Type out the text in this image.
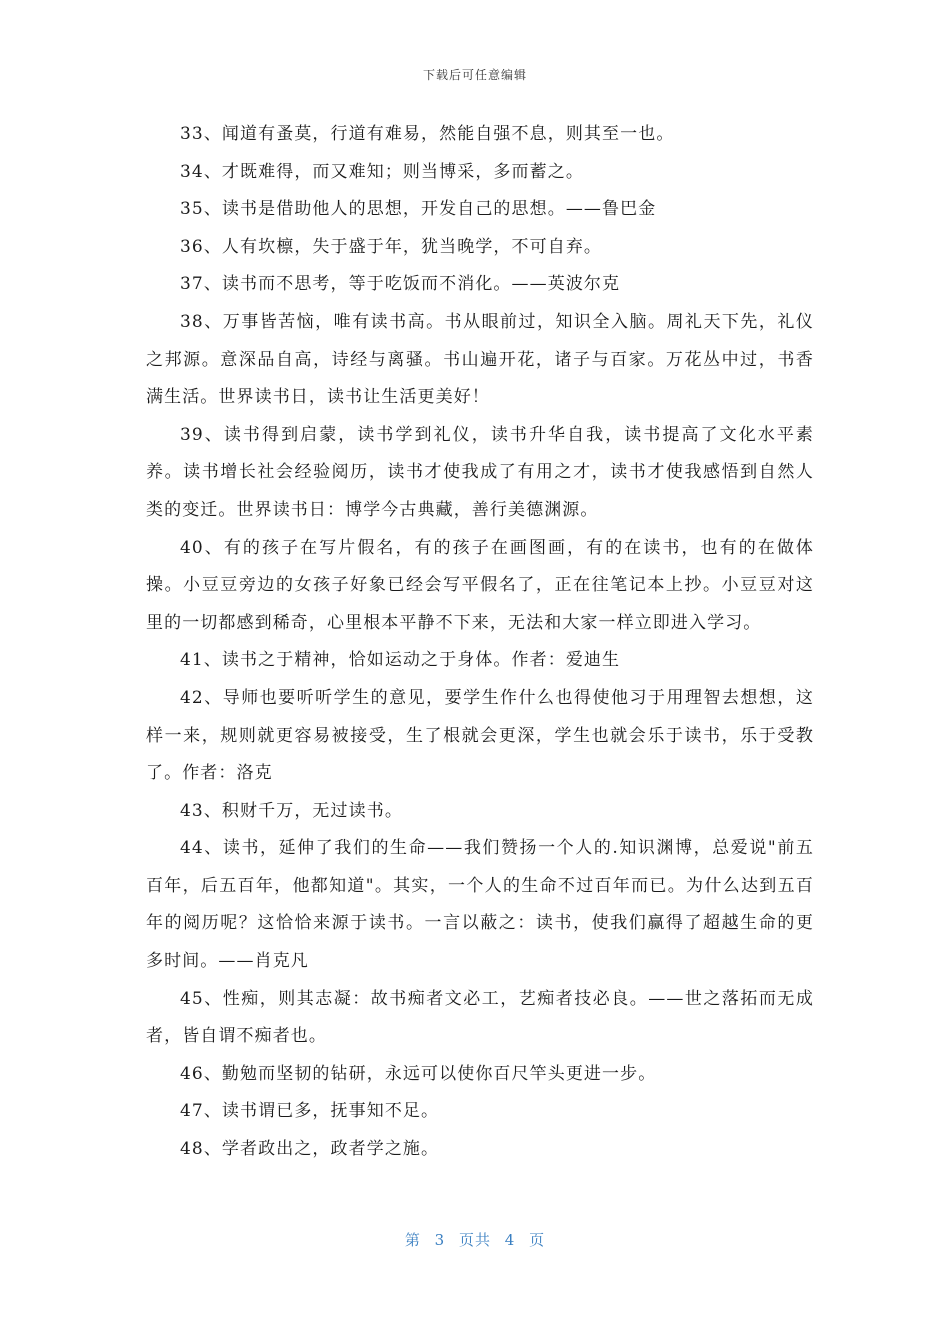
下载后可任意编辑

33、闻道有蚤莫，行道有难易，然能自强不息，则其至一也。

34、才既难得，而又难知；则当博采，多而蓄之。

35、读书是借助他人的思想，开发自己的思想。——鲁巴金

36、人有坎檩，失于盛于年，犹当晚学，不可自弃。

37、读书而不思考，等于吃饭而不消化。——英波尔克

38、万事皆苦恼，唯有读书高。书从眼前过，知识全入脑。周礼天下先，礼仪之邦源。意深品自高，诗经与离骚。书山遍开花，诸子与百家。万花丛中过，书香满生活。世界读书日，读书让生活更美好！

39、读书得到启蒙，读书学到礼仪，读书升华自我，读书提高了文化水平素养。读书增长社会经验阅历，读书才使我成了有用之才，读书才使我感悟到自然人类的变迁。世界读书日：博学今古典藏，善行美德渊源。

40、有的孩子在写片假名，有的孩子在画图画，有的在读书，也有的在做体操。小豆豆旁边的女孩子好象已经会写平假名了，正在往笔记本上抄。小豆豆对这里的一切都感到稀奇，心里根本平静不下来，无法和大家一样立即进入学习。

41、读书之于精神，恰如运动之于身体。作者：爱迪生

42、导师也要听听学生的意见，要学生作什么也得使他习于用理智去想想，这样一来，规则就更容易被接受，生了根就会更深，学生也就会乐于读书，乐于受教了。作者：洛克

43、积财千万，无过读书。

44、读书，延伸了我们的生命——我们赞扬一个人的.知识渊博，总爱说"前五百年，后五百年，他都知道"。其实，一个人的生命不过百年而已。为什么达到五百年的阅历呢？这恰恰来源于读书。一言以蔽之：读书，使我们赢得了超越生命的更多时间。——肖克凡

45、性痴，则其志凝：故书痴者文必工，艺痴者技必良。——世之落拓而无成者，皆自谓不痴者也。

46、勤勉而坚韧的钻研，永远可以使你百尺竿头更进一步。

47、读书谓已多，抚事知不足。

48、学者政出之，政者学之施。

第 3 页共 4 页
